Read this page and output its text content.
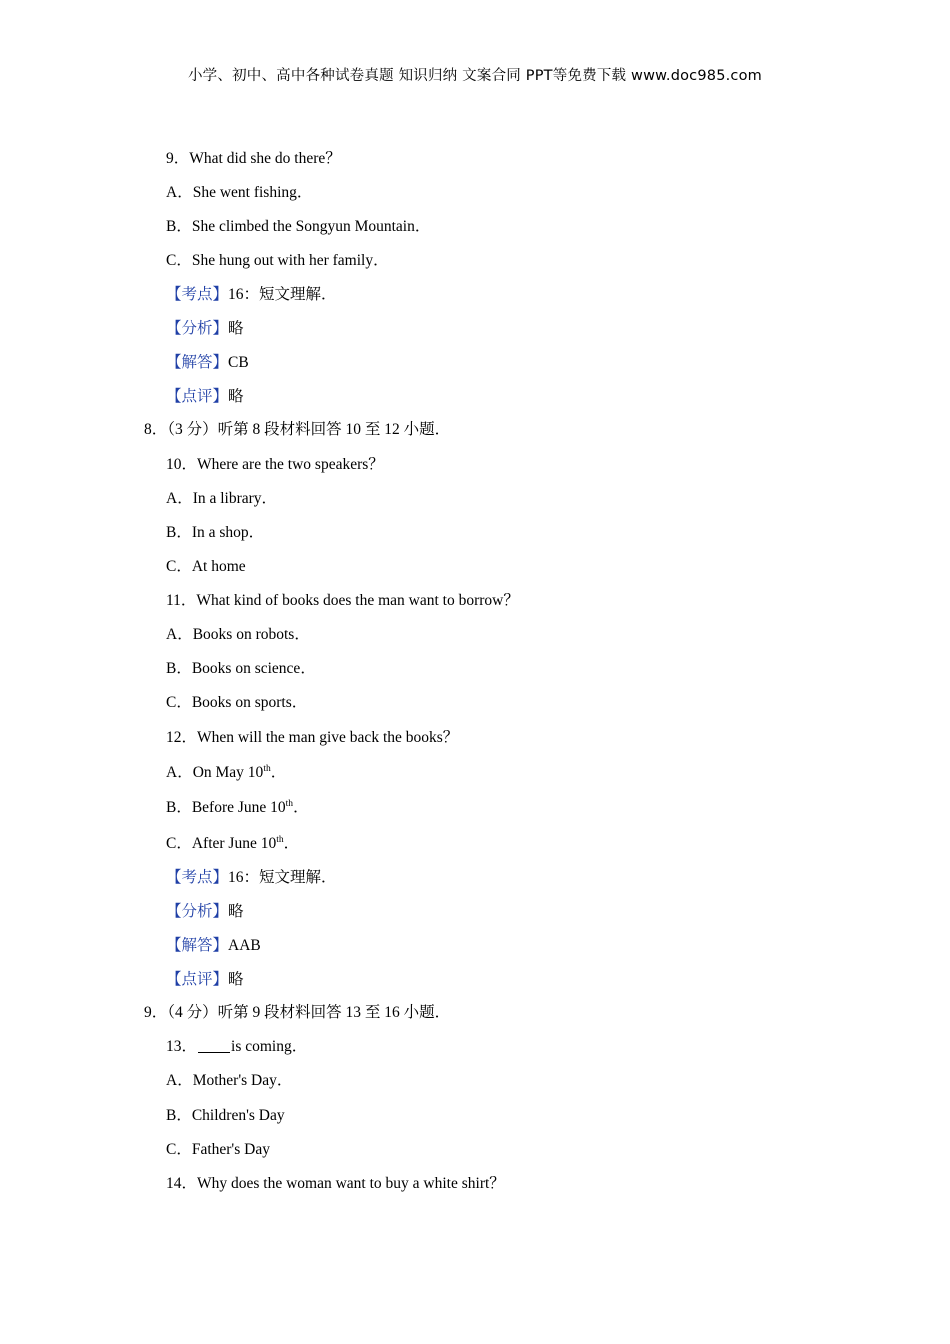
小学、初中、高中各种试卷真题 知识归纳 文案合同 PPT等免费下载 www.doc985.com
9．What did she do there？
A．She went fishing．
B．She climbed the Songyun Mountain．
C．She hung out with her family．
【考点】16：短文理解．
【分析】略
【解答】CB
【点评】略
8．（3 分）听第 8 段材料回答 10 至 12 小题．
10．Where are the two speakers？
A．In a library．
B．In a shop．
C．At home
11．What kind of books does the man want to borrow？
A．Books on robots．
B．Books on science．
C．Books on sports．
12．When will the man give back the books？
A．On May 10th．
B．Before June 10th．
C．After June 10th．
【考点】16：短文理解．
【分析】略
【解答】AAB
【点评】略
9．（4 分）听第 9 段材料回答 13 至 16 小题．
13． is coming．
A．Mother's Day．
B．Children's Day
C．Father's Day
14．Why does the woman want to buy a white shirt？
